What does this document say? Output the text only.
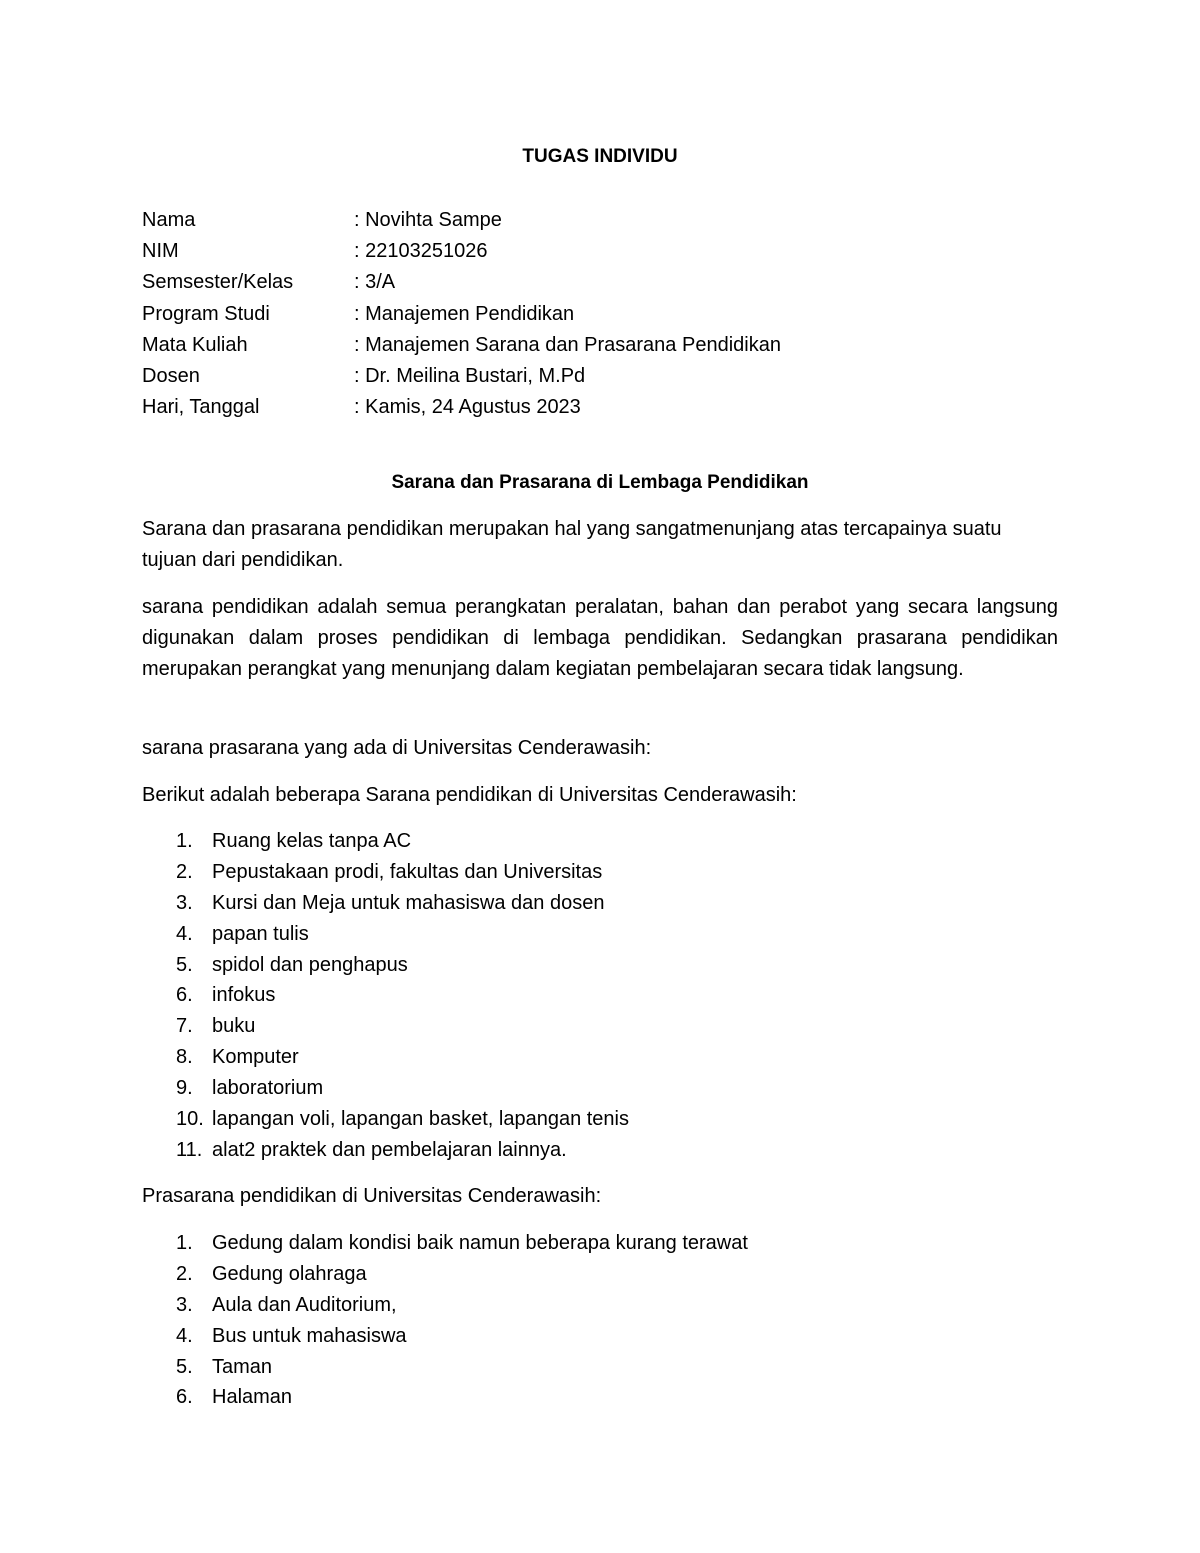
TUGAS INDIVIDU
Nama	: Novihta Sampe
NIM	: 22103251026
Semsester/Kelas	: 3/A
Program Studi	: Manajemen Pendidikan
Mata Kuliah	: Manajemen Sarana dan Prasarana Pendidikan
Dosen	: Dr. Meilina Bustari, M.Pd
Hari, Tanggal	: Kamis, 24 Agustus 2023
Sarana dan Prasarana di Lembaga Pendidikan

Sarana dan prasarana pendidikan merupakan hal yang sangatmenunjang atas tercapainya suatu tujuan dari pendidikan.

sarana pendidikan adalah semua perangkatan peralatan, bahan dan perabot yang secara langsung digunakan dalam proses pendidikan di lembaga pendidikan. Sedangkan prasarana pendidikan merupakan perangkat yang menunjang dalam kegiatan pembelajaran secara tidak langsung.

sarana prasarana yang ada di Universitas Cenderawasih:

Berikut adalah beberapa Sarana pendidikan di Universitas Cenderawasih:

1. Ruang kelas tanpa AC
2. Pepustakaan prodi, fakultas dan Universitas
3. Kursi dan Meja untuk mahasiswa dan dosen
4. papan tulis
5. spidol dan penghapus
6. infokus
7. buku
8. Komputer
9. laboratorium
10. lapangan voli, lapangan basket, lapangan tenis
11. alat2 praktek dan pembelajaran lainnya.

Prasarana pendidikan di Universitas Cenderawasih:

1. Gedung dalam kondisi baik namun beberapa kurang terawat
2. Gedung olahraga
3. Aula dan Auditorium,
4. Bus untuk mahasiswa
5. Taman
6. Halaman
